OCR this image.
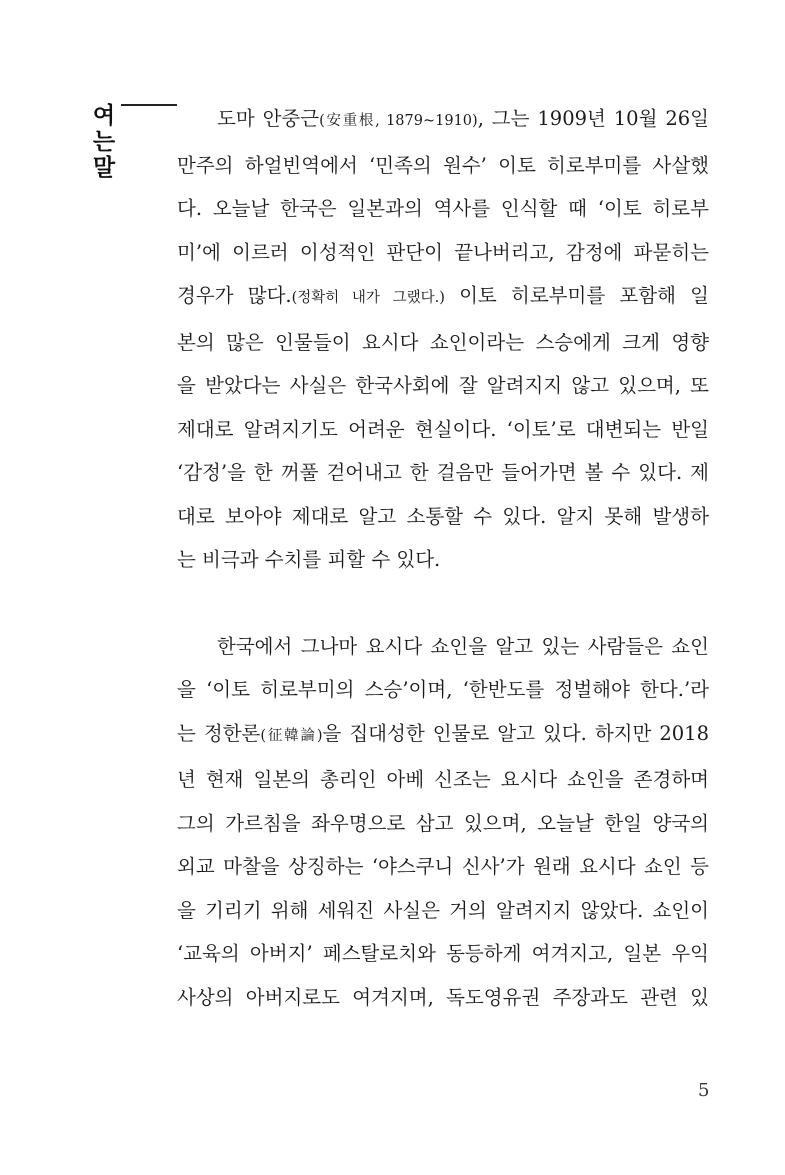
여
는
말
도마 안중근(安重根, 1879~1910), 그는 1909년 10월 26일
만주의 하얼빈역에서 ‘민족의 원수’ 이토 히로부미를 사살했
다. 오늘날 한국은 일본과의 역사를 인식할 때 ‘이토 히로부
미’에 이르러 이성적인 판단이 끝나버리고, 감정에 파묻히는
경우가 많다.(정확히 내가 그랬다.) 이토 히로부미를 포함해 일
본의 많은 인물들이 요시다 쇼인이라는 스승에게 크게 영향
을 받았다는 사실은 한국사회에 잘 알려지지 않고 있으며, 또
제대로 알려지기도 어려운 현실이다. ‘이토’로 대변되는 반일
‘감정’을 한 꺼풀 걷어내고 한 걸음만 들어가면 볼 수 있다. 제
대로 보아야 제대로 알고 소통할 수 있다. 알지 못해 발생하
는 비극과 수치를 피할 수 있다.
한국에서 그나마 요시다 쇼인을 알고 있는 사람들은 쇼인
을 ‘이토 히로부미의 스승’이며, ‘한반도를 정벌해야 한다.’라
는 정한론(征韓論)을 집대성한 인물로 알고 있다. 하지만 2018
년 현재 일본의 총리인 아베 신조는 요시다 쇼인을 존경하며
그의 가르침을 좌우명으로 삼고 있으며, 오늘날 한일 양국의
외교 마찰을 상징하는 ‘야스쿠니 신사’가 원래 요시다 쇼인 등
을 기리기 위해 세워진 사실은 거의 알려지지 않았다. 쇼인이
‘교육의 아버지’ 페스탈로치와 동등하게 여겨지고, 일본 우익
사상의 아버지로도 여겨지며, 독도영유권 주장과도 관련 있
5
